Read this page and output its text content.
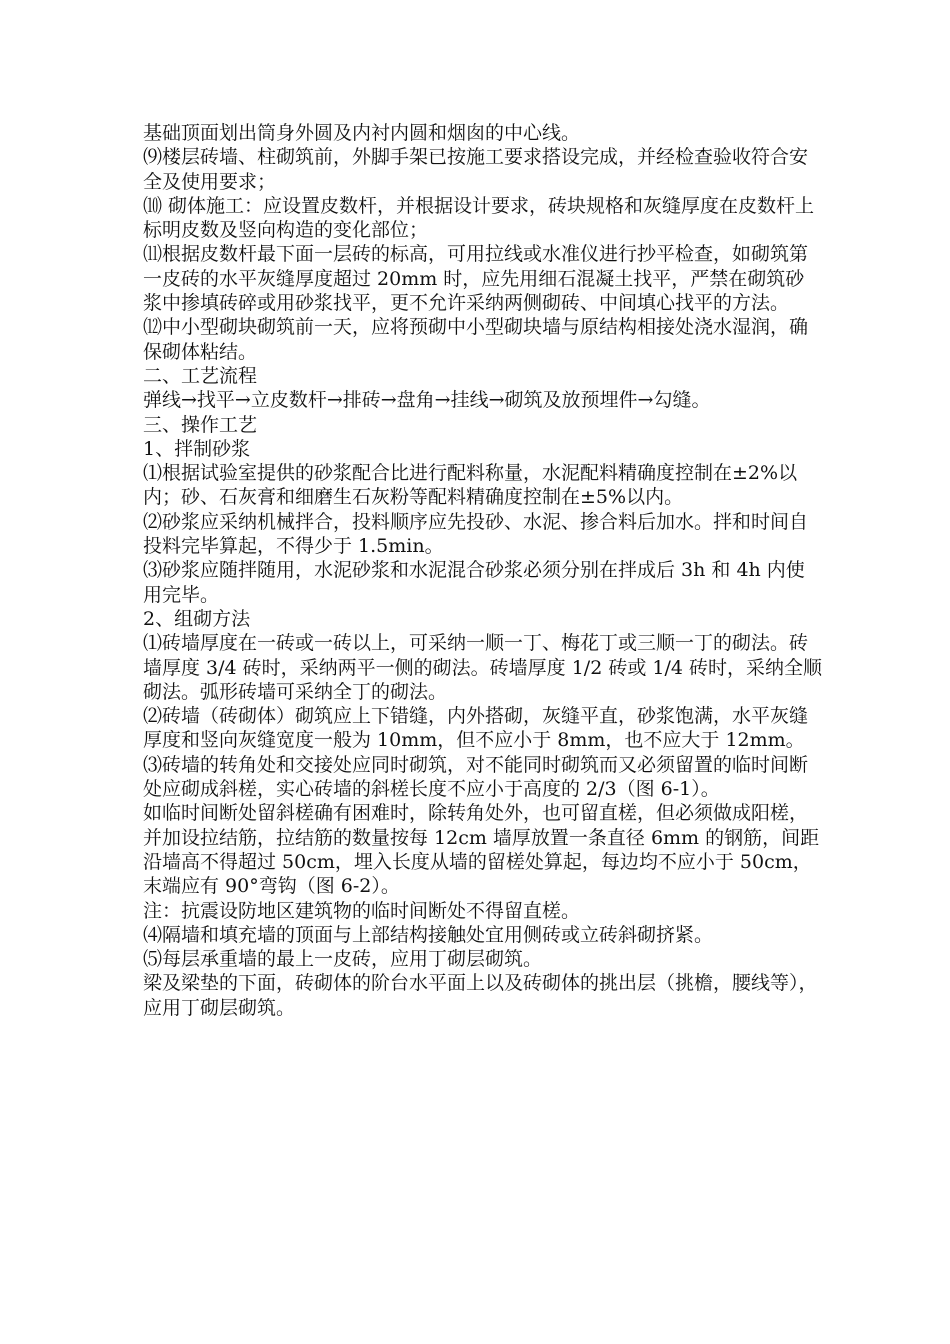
基础顶面划出筒身外圆及内衬内圆和烟囱的中心线。

⑼楼层砖墙、柱砌筑前，外脚手架已按施工要求搭设完成，并经检查验收符合安全及使用要求；

⑽ 砌体施工：应设置皮数杆，并根据设计要求，砖块规格和灰缝厚度在皮数杆上标明皮数及竖向构造的变化部位；

⑾根据皮数杆最下面一层砖的标高，可用拉线或水准仪进行抄平检查，如砌筑第一皮砖的水平灰缝厚度超过 20mm 时，应先用细石混凝土找平，严禁在砌筑砂浆中掺填砖碎或用砂浆找平，更不允许采纳两侧砌砖、中间填心找平的方法。

⑿中小型砌块砌筑前一天，应将预砌中小型砌块墙与原结构相接处浇水湿润，确保砌体粘结。

二、工艺流程

弹线→找平→立皮数杆→排砖→盘角→挂线→砌筑及放预埋件→勾缝。

三、操作工艺

1、拌制砂浆

⑴根据试验室提供的砂浆配合比进行配料称量，水泥配料精确度控制在±2%以内；砂、石灰膏和细磨生石灰粉等配料精确度控制在±5%以内。

⑵砂浆应采纳机械拌合，投料顺序应先投砂、水泥、掺合料后加水。拌和时间自投料完毕算起，不得少于 1.5min。

⑶砂浆应随拌随用，水泥砂浆和水泥混合砂浆必须分别在拌成后 3h 和 4h 内使用完毕。

2、组砌方法

⑴砖墙厚度在一砖或一砖以上，可采纳一顺一丁、梅花丁或三顺一丁的砌法。砖墙厚度 3/4 砖时，采纳两平一侧的砌法。砖墙厚度 1/2 砖或 1/4 砖时，采纳全顺砌法。弧形砖墙可采纳全丁的砌法。

⑵砖墙（砖砌体）砌筑应上下错缝，内外搭砌，灰缝平直，砂浆饱满，水平灰缝厚度和竖向灰缝宽度一般为 10mm，但不应小于 8mm，也不应大于 12mm。

⑶砖墙的转角处和交接处应同时砌筑，对不能同时砌筑而又必须留置的临时间断处应砌成斜槎，实心砖墙的斜槎长度不应小于高度的 2/3（图 6-1）。

如临时间断处留斜槎确有困难时，除转角处外，也可留直槎，但必须做成阳槎，并加设拉结筋，拉结筋的数量按每 12cm 墙厚放置一条直径 6mm 的钢筋，间距沿墙高不得超过 50cm，埋入长度从墙的留槎处算起，每边均不应小于 50cm，末端应有 90°弯钩（图 6-2）。

注：抗震设防地区建筑物的临时间断处不得留直槎。

⑷隔墙和填充墙的顶面与上部结构接触处宜用侧砖或立砖斜砌挤紧。

⑸每层承重墙的最上一皮砖，应用丁砌层砌筑。

梁及梁垫的下面，砖砌体的阶台水平面上以及砖砌体的挑出层（挑檐，腰线等），应用丁砌层砌筑。
